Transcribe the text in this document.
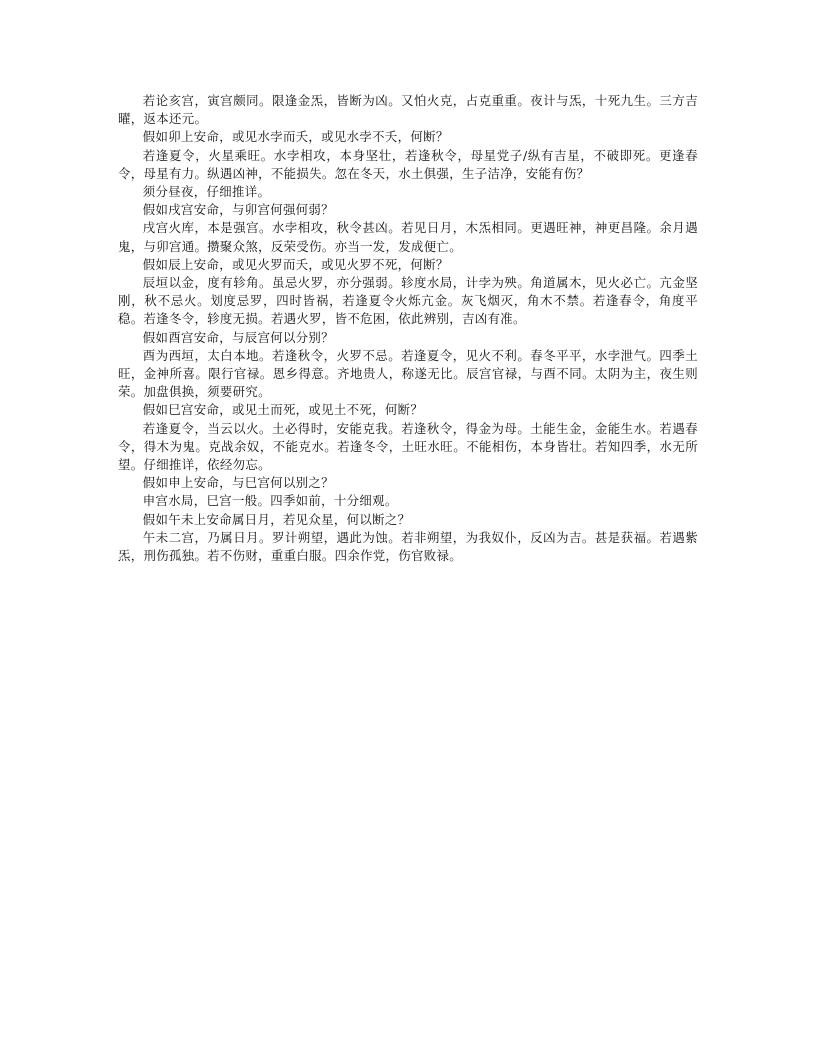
若论亥宫，寅宫颇同。限逢金炁，皆断为凶。又怕火克，占克重重。夜计与炁，十死九生。三方吉曜，返本还元。

假如卯上安命，或见水孛而夭，或见水孛不夭，何断？

若逢夏令，火星乘旺。水孛相攻，本身坚壮，若逢秋令，母星党子/纵有吉星，不破即死。更逢春令，母星有力。纵遇凶神，不能损失。忽在冬天，水土俱强，生子洁净，安能有伤？

须分昼夜，仔细推详。

假如戌宫安命，与卯宫何强何弱？

戌宫火库，本是强宫。水孛相攻，秋令甚凶。若见日月，木炁相同。更遇旺神，神更昌隆。余月遇鬼，与卯宫通。攒聚众煞，反荣受伤。亦当一发，发成便亡。

假如辰上安命，或见火罗而夭，或见火罗不死，何断？

辰垣以金，度有轸角。虽忌火罗，亦分强弱。轸度水局，计孛为殃。角道属木，见火必亡。亢金坚刚，秋不忌火。划度忌罗，四时皆祸，若逢夏令火烁亢金。灰飞烟灭，角木不禁。若逢春令，角度平稳。若逢冬令，轸度无损。若遇火罗，皆不危困，依此辨别，吉凶有准。

假如酉宫安命，与辰宫何以分别？

酉为西垣，太白本地。若逢秋令，火罗不忌。若逢夏令，见火不利。春冬平平，水孛泄气。四季土旺，金神所喜。限行官禄。恩乡得意。齐地贵人，称遂无比。辰宫官禄，与酉不同。太阴为主，夜生则荣。加盘俱换，须要研究。

假如巳宫安命，或见土而死，或见土不死，何断？

若逢夏令，当云以火。土必得时，安能克我。若逢秋令，得金为母。土能生金，金能生水。若遇春令，得木为鬼。克战余奴，不能克水。若逢冬令，土旺水旺。不能相伤，本身皆壮。若知四季，水无所望。仔细推详，依经勿忘。

假如申上安命，与巳宫何以别之？

申宫水局，巳宫一般。四季如前，十分细观。

假如午未上安命属日月，若见众星，何以断之？

午未二宫，乃属日月。罗计朔望，遇此为蚀。若非朔望，为我奴仆，反凶为吉。甚是获福。若遇紫炁，刑伤孤独。若不伤财，重重白服。四余作党，伤官败禄。
